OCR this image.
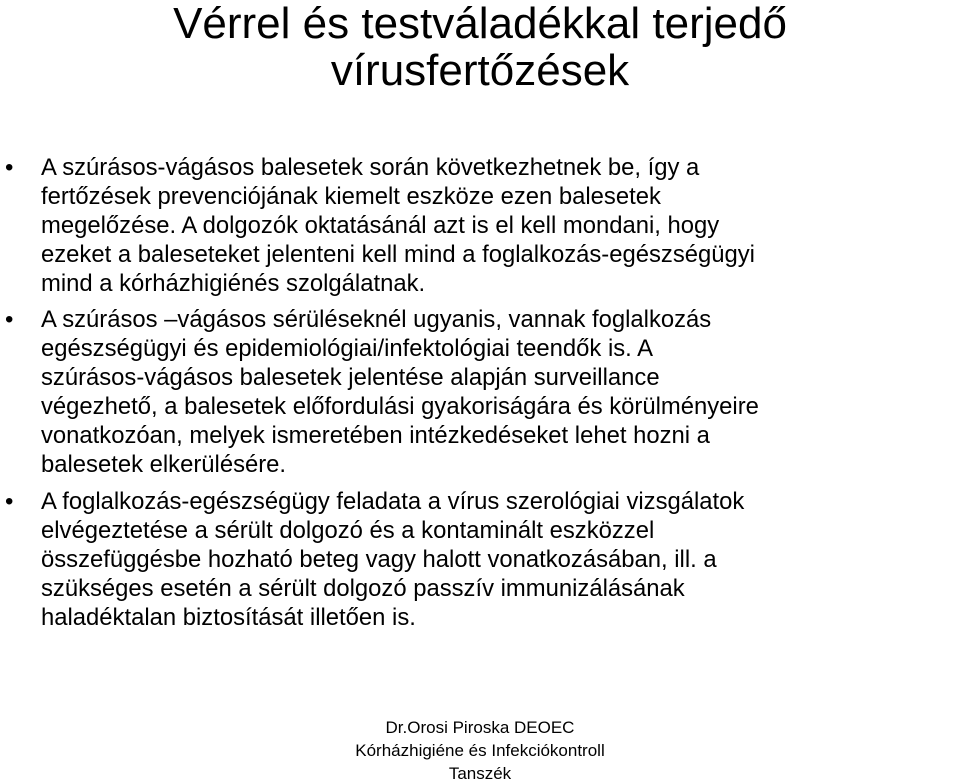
Vérrel és testváladékkal terjedő
vírusfertőzések
• A szúrásos-vágásos balesetek során következhetnek be, így a
fertőzések prevenciójának kiemelt eszköze ezen balesetek
megelőzése. A dolgozók oktatásánál azt is el kell mondani, hogy
ezeket a baleseteket jelenteni kell mind a foglalkozás-egészségügyi
mind a kórházhigiénés szolgálatnak.
• A szúrásos –vágásos sérüléseknél ugyanis, vannak foglalkozás
egészségügyi és epidemiológiai/infektológiai teendők is. A
szúrásos-vágásos balesetek jelentése alapján surveillance
végezhető, a balesetek előfordulási gyakoriságára és körülményeire
vonatkozóan, melyek ismeretében intézkedéseket lehet hozni a
balesetek elkerülésére.
• A foglalkozás-egészségügy feladata a vírus szerológiai vizsgálatok
elvégeztetése a sérült dolgozó és a kontaminált eszközzel
összefüggésbe hozható beteg vagy halott vonatkozásában, ill. a
szükséges esetén a sérült dolgozó passzív immunizálásának
haladéktalan biztosítását illetően is.
Dr.Orosi Piroska DEOEC
Kórházhigiéne és Infekciókontroll
Tanszék
